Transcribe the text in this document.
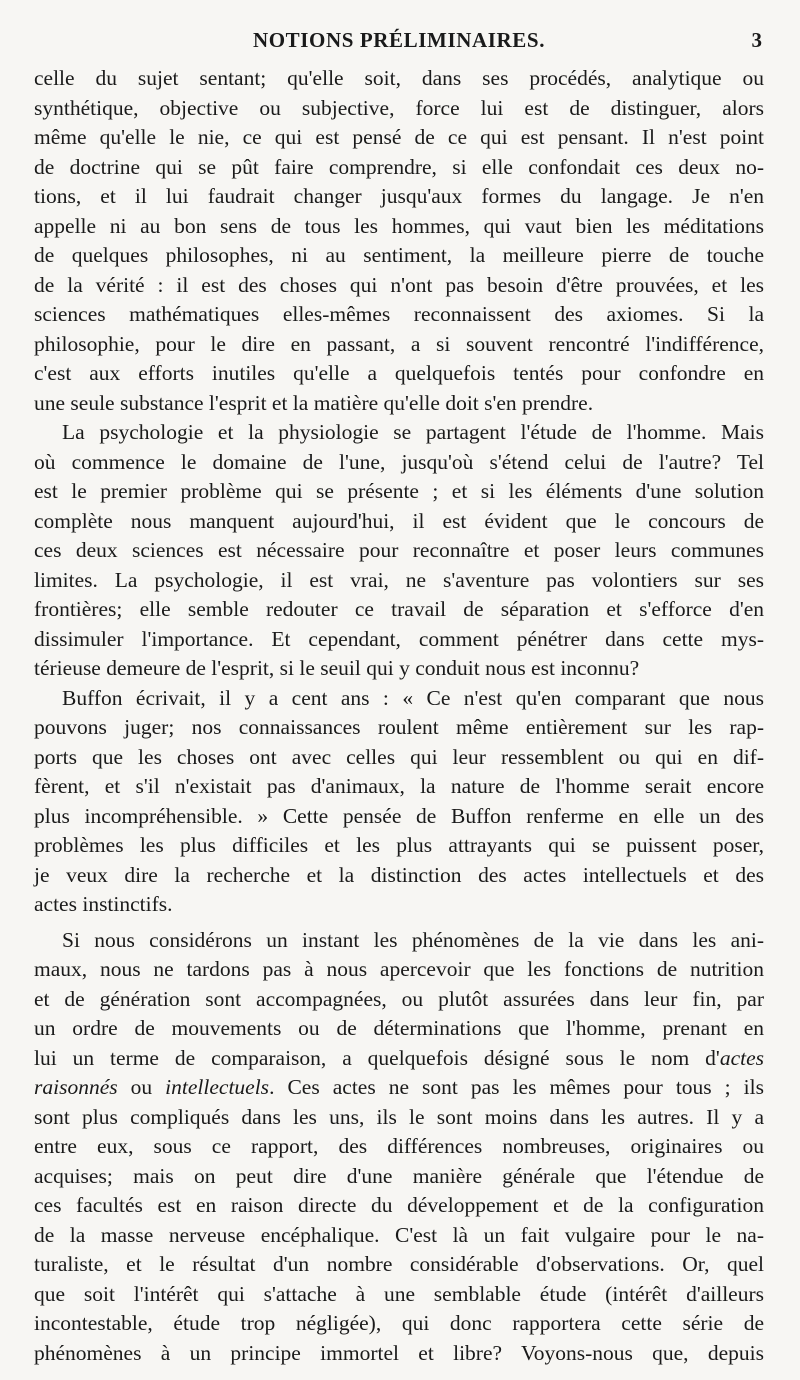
NOTIONS PRÉLIMINAIRES.	3
celle du sujet sentant; qu'elle soit, dans ses procédés, analytique ou
synthétique, objective ou subjective, force lui est de distinguer, alors
même qu'elle le nie, ce qui est pensé de ce qui est pensant. Il n'est point
de doctrine qui se pût faire comprendre, si elle confondait ces deux no-
tions, et il lui faudrait changer jusqu'aux formes du langage. Je n'en
appelle ni au bon sens de tous les hommes, qui vaut bien les méditations
de quelques philosophes, ni au sentiment, la meilleure pierre de touche
de la vérité : il est des choses qui n'ont pas besoin d'être prouvées, et les
sciences mathématiques elles-mêmes reconnaissent des axiomes. Si la
philosophie, pour le dire en passant, a si souvent rencontré l'indifférence,
c'est aux efforts inutiles qu'elle a quelquefois tentés pour confondre en
une seule substance l'esprit et la matière qu'elle doit s'en prendre.
La psychologie et la physiologie se partagent l'étude de l'homme. Mais
où commence le domaine de l'une, jusqu'où s'étend celui de l'autre? Tel
est le premier problème qui se présente ; et si les éléments d'une solution
complète nous manquent aujourd'hui, il est évident que le concours de
ces deux sciences est nécessaire pour reconnaître et poser leurs communes
limites. La psychologie, il est vrai, ne s'aventure pas volontiers sur ses
frontières; elle semble redouter ce travail de séparation et s'efforce d'en
dissimuler l'importance. Et cependant, comment pénétrer dans cette mys-
térieuse demeure de l'esprit, si le seuil qui y conduit nous est inconnu?
Buffon écrivait, il y a cent ans : « Ce n'est qu'en comparant que nous
pouvons juger; nos connaissances roulent même entièrement sur les rap-
ports que les choses ont avec celles qui leur ressemblent ou qui en dif-
fèrent, et s'il n'existait pas d'animaux, la nature de l'homme serait encore
plus incompréhensible. » Cette pensée de Buffon renferme en elle un des
problèmes les plus difficiles et les plus attrayants qui se puissent poser,
je veux dire la recherche et la distinction des actes intellectuels et des
actes instinctifs.
Si nous considérons un instant les phénomènes de la vie dans les ani-
maux, nous ne tardons pas à nous apercevoir que les fonctions de nutrition
et de génération sont accompagnées, ou plutôt assurées dans leur fin, par
un ordre de mouvements ou de déterminations que l'homme, prenant en
lui un terme de comparaison, a quelquefois désigné sous le nom d'actes
raisonnés ou intellectuels. Ces actes ne sont pas les mêmes pour tous ; ils
sont plus compliqués dans les uns, ils le sont moins dans les autres. Il y a
entre eux, sous ce rapport, des différences nombreuses, originaires ou
acquises; mais on peut dire d'une manière générale que l'étendue de
ces facultés est en raison directe du développement et de la configuration
de la masse nerveuse encéphalique. C'est là un fait vulgaire pour le na-
turaliste, et le résultat d'un nombre considérable d'observations. Or, quel
que soit l'intérêt qui s'attache à une semblable étude (intérêt d'ailleurs
incontestable, étude trop négligée), qui donc rapportera cette série de
phénomènes à un principe immortel et libre? Voyons-nous que, depuis
